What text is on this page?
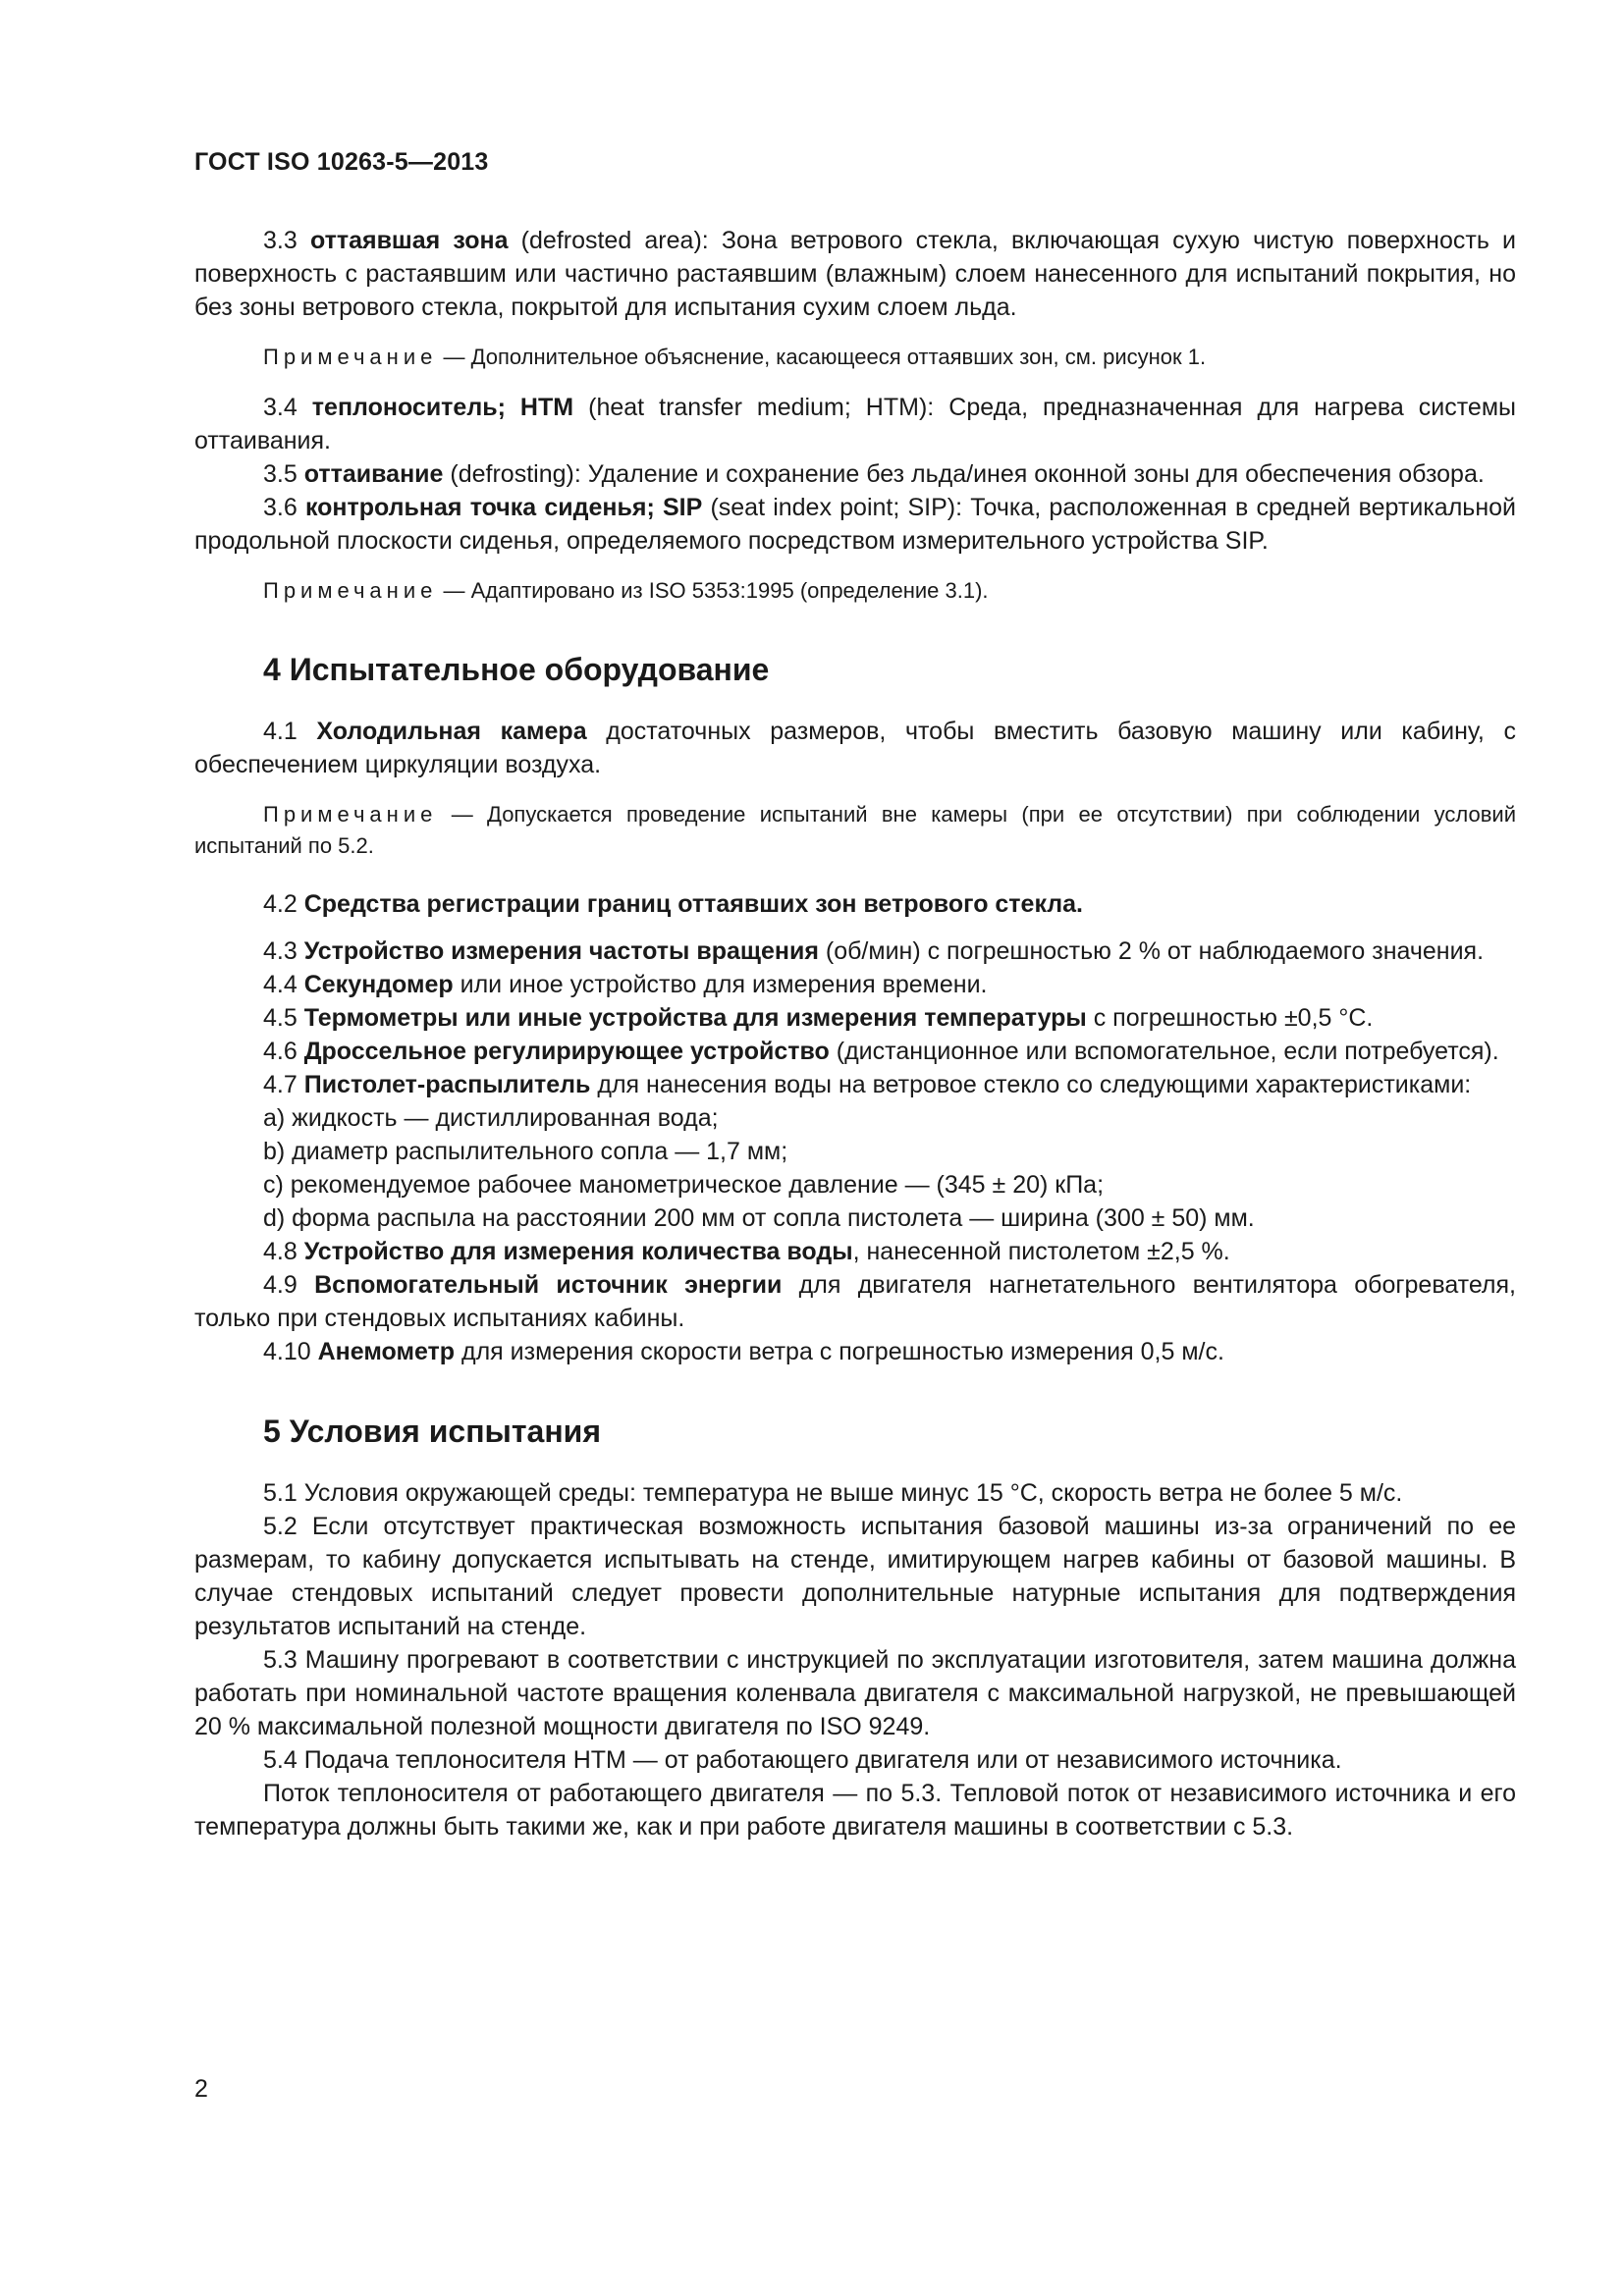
ГОСТ ISO 10263-5—2013

3.3 оттаявшая зона (defrosted area): Зона ветрового стекла, включающая сухую чистую поверхность и поверхность с растаявшим или частично растаявшим (влажным) слоем нанесенного для испытаний покрытия, но без зоны ветрового стекла, покрытой для испытания сухим слоем льда.

Примечание — Дополнительное объяснение, касающееся оттаявших зон, см. рисунок 1.

3.4 теплоноситель; НТМ (heat transfer medium; НТМ): Среда, предназначенная для нагрева системы оттаивания.

3.5 оттаивание (defrosting): Удаление и сохранение без льда/инея оконной зоны для обеспечения обзора.

3.6 контрольная точка сиденья; SIP (seat index point; SIP): Точка, расположенная в средней вертикальной продольной плоскости сиденья, определяемого посредством измерительного устройства SIP.

Примечание — Адаптировано из ISO 5353:1995 (определение 3.1).

4 Испытательное оборудование

4.1 Холодильная камера достаточных размеров, чтобы вместить базовую машину или кабину, с обеспечением циркуляции воздуха.

Примечание — Допускается проведение испытаний вне камеры (при ее отсутствии) при соблюдении условий испытаний по 5.2.

4.2 Средства регистрации границ оттаявших зон ветрового стекла.

4.3 Устройство измерения частоты вращения (об/мин) с погрешностью 2 % от наблюдаемого значения.

4.4 Секундомер или иное устройство для измерения времени.

4.5 Термометры или иные устройства для измерения температуры с погрешностью ±0,5 °С.

4.6 Дроссельное регулирирующее устройство (дистанционное или вспомогательное, если потребуется).

4.7 Пистолет-распылитель для нанесения воды на ветровое стекло со следующими характеристиками:

a) жидкость — дистиллированная вода;

b) диаметр распылительного сопла — 1,7 мм;

c) рекомендуемое рабочее манометрическое давление — (345 ± 20) кПа;

d) форма распыла на расстоянии 200 мм от сопла пистолета — ширина (300 ± 50) мм.

4.8 Устройство для измерения количества воды, нанесенной пистолетом ±2,5 %.

4.9 Вспомогательный источник энергии для двигателя нагнетательного вентилятора обогревателя, только при стендовых испытаниях кабины.

4.10 Анемометр для измерения скорости ветра с погрешностью измерения 0,5 м/с.

5 Условия испытания

5.1 Условия окружающей среды: температура не выше минус 15 °С, скорость ветра не более 5 м/с.

5.2 Если отсутствует практическая возможность испытания базовой машины из-за ограничений по ее размерам, то кабину допускается испытывать на стенде, имитирующем нагрев кабины от базовой машины. В случае стендовых испытаний следует провести дополнительные натурные испытания для подтверждения результатов испытаний на стенде.

5.3 Машину прогревают в соответствии с инструкцией по эксплуатации изготовителя, затем машина должна работать при номинальной частоте вращения коленвала двигателя с максимальной нагрузкой, не превышающей 20 % максимальной полезной мощности двигателя по ISO 9249.

5.4 Подача теплоносителя НТМ — от работающего двигателя или от независимого источника.

Поток теплоносителя от работающего двигателя — по 5.3. Тепловой поток от независимого источника и его температура должны быть такими же, как и при работе двигателя машины в соответствии с 5.3.

2
